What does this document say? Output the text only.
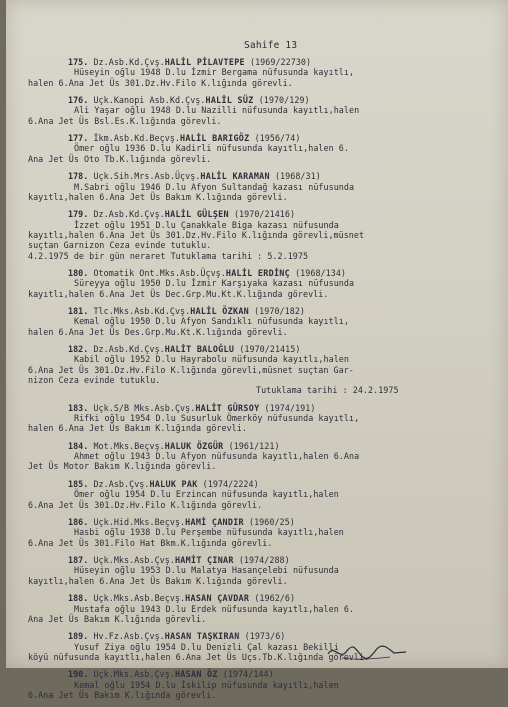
Sahife 13
175. Dz.Asb.Kd.Çvş.HALİL PİLAVTEPE (1969/22730)
Hüseyin oğlu 1948 D.lu İzmir Bergama nüfusunda kayıtlı,
halen 6.Ana Jet Üs 301.Dz.Hv.Filo K.lığında görevli.
176. Uçk.Kanopi Asb.Kd.Çvş.HALİL SÜZ (1970/129)
Ali Yaşar oğlu 1948 D.lu Nazilli nüfusunda kayıtlı,halen
6.Ana Jet Üs Bsl.Es.K.lığında görevli.
177. İkm.Asb.Kd.Beçvş.HALİL BARIGÖZ (1956/74)
Ömer oğlu 1936 D.lu Kadirli nüfusunda kayıtlı,halen 6.
Ana Jet Üs Oto Tb.K.lığında görevli.
178. Uçk.Sih.Mrs.Asb.Üçvş.HALİL KARAMAN (1968/31)
M.Sabri oğlu 1946 D.lu Afyon Sultandağ kazası nüfusunda
kayıtlı,halen 6.Ana Jet Üs Bakım K.lığında görevli.
179. Dz.Asb.Kd.Çvş.HALİL GÜLŞEN (1970/21416)
İzzet oğlu 1951 D.lu Çanakkale Biga kazası nüfusunda
kayıtlı,halen 6.Ana Jet Üs 301.Dz.Hv.Filo K.lığında görevli,müsnet
suçtan Garnizon Ceza evinde tutuklu.
4.2.1975 de bir gün neraret Tutuklama tarihi : 5.2.1975
180. Otomatik Ont.Mks.Asb.Üçvş.HALİL ERDİNÇ (1968/134)
Süreyya oğlu 1950 D.lu İzmir Karşıyaka kazası nüfusunda
kayıtlı,halen 6.Ana Jet Üs Dec.Grp.Mu.Kt.K.lığında görevli.
181. Tlc.Mks.Asb.Kd.Çvş.HALİL ÖZKAN (1970/182)
Kemal oğlu 1950 D.lu Afyon Sandıklı nüfusunda kayıtlı,
halen 6.Ana Jet Üs Des.Grp.Mu.Kt.K.lığında görevli.
182. Dz.Asb.Kd.Çvş.HALİT BALOĞLU (1970/21415)
Kabil oğlu 1952 D.lu Hayrabolu nüfusunda kayıtlı,halen
6.Ana Jet Üs 301.Dz.Hv.Filo K.lığında görevli,müsnet suçtan Gar-
nizon Ceza evinde tutuklu.
Tutuklama tarihi : 24.2.1975
183. Uçk.S/B Mks.Asb.Çvş.HALİT GÜRSOY (1974/191)
Rifki oğlu 1954 D.lu Susurluk Ömerköy nüfusunda kayıtlı,
halen 6.Ana Jet Üs Bakım K.lığında görevli.
184. Mot.Mks.Beçvş.HALUK ÖZGÜR (1961/121)
Ahmet oğlu 1943 D.lu Afyon nüfusunda kayıtlı,halen 6.Ana
Jet Üs Motor Bakım K.lığında görevli.
185. Dz.Asb.Çvş.HALUK PAK (1974/2224)
Ömer oğlu 1954 D.lu Erzincan nüfusunda kayıtlı,halen
6.Ana Jet Üs 301.Dz.Hv.Filo K.lığında görevli.
186. Uçk.Hid.Mks.Beçvş.HAMİ ÇANDIR (1960/25)
Hasbi oğlu 1938 D.lu Perşembe nüfusunda kayıtlı,halen
6.Ana Jet Üs 301.Filo Hat Bkm.K.lığında görevli.
187. Uçk.Mks.Asb.Çvş.HAMİT ÇINAR (1974/288)
Hüseyin oğlu 1953 D.lu Malatya Hasançelebi nüfusunda
kayıtlı,halen 6.Ana Jet Üs Bakım K.lığında görevli.
188. Uçk.Mks.Asb.Beçvş.HASAN ÇAVDAR (1962/6)
Mustafa oğlu 1943 D.lu Erdek nüfusunda kayıtlı,halen 6.
Ana Jet Üs Bakım K.lığında görevli.
189. Hv.Fz.Asb.Çvş.HASAN TAŞKIRAN (1973/6)
Yusuf Ziya oğlu 1954 D.lu Denizli Çal kazası Bekilli
köyü nüfusunda kayıtlı,halen 6.Ana Jet Üs Uçs.Tb.K.lığında görevli.
190. Uçk.Mks.Asb.Çvş.HASAN ÖZ (1974/144)
Kemal oğlu 1954 D.lu İskilip nüfusunda kayıtlı,halen
6.Ana Jet Üs Bakım K.lığında görevli.
